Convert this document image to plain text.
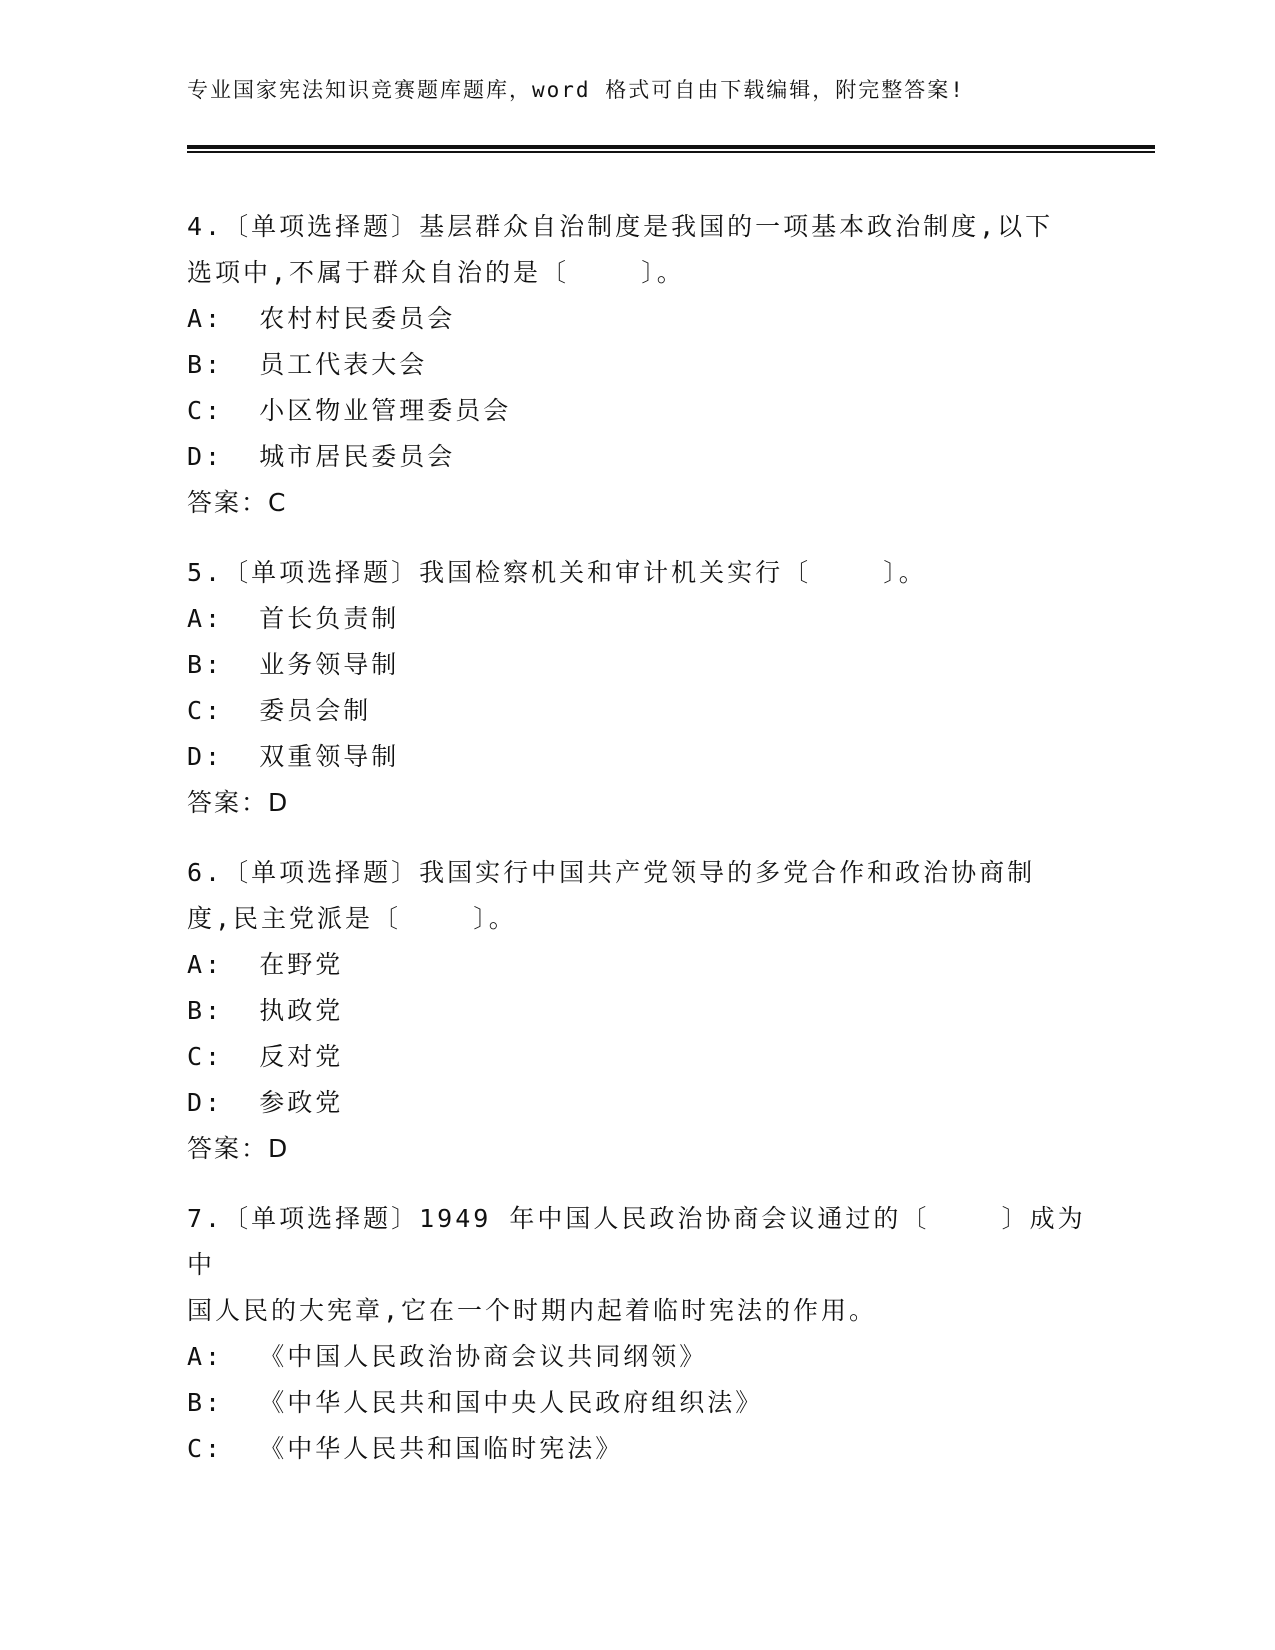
专业国家宪法知识竞赛题库题库，word 格式可自由下载编辑，附完整答案!
4.〔单项选择题〕基层群众自治制度是我国的一项基本政治制度,以下
选项中,不属于群众自治的是〔    〕。
A:  农村村民委员会
B:  员工代表大会
C:  小区物业管理委员会
D:  城市居民委员会
答案：C
5.〔单项选择题〕我国检察机关和审计机关实行〔    〕。
A:  首长负责制
B:  业务领导制
C:  委员会制
D:  双重领导制
答案：D
6.〔单项选择题〕我国实行中国共产党领导的多党合作和政治协商制
度,民主党派是〔    〕。
A:  在野党
B:  执政党
C:  反对党
D:  参政党
答案：D
7.〔单项选择题〕1949 年中国人民政治协商会议通过的〔    〕成为中
国人民的大宪章,它在一个时期内起着临时宪法的作用。
A:  《中国人民政治协商会议共同纲领》
B:  《中华人民共和国中央人民政府组织法》
C:  《中华人民共和国临时宪法》
